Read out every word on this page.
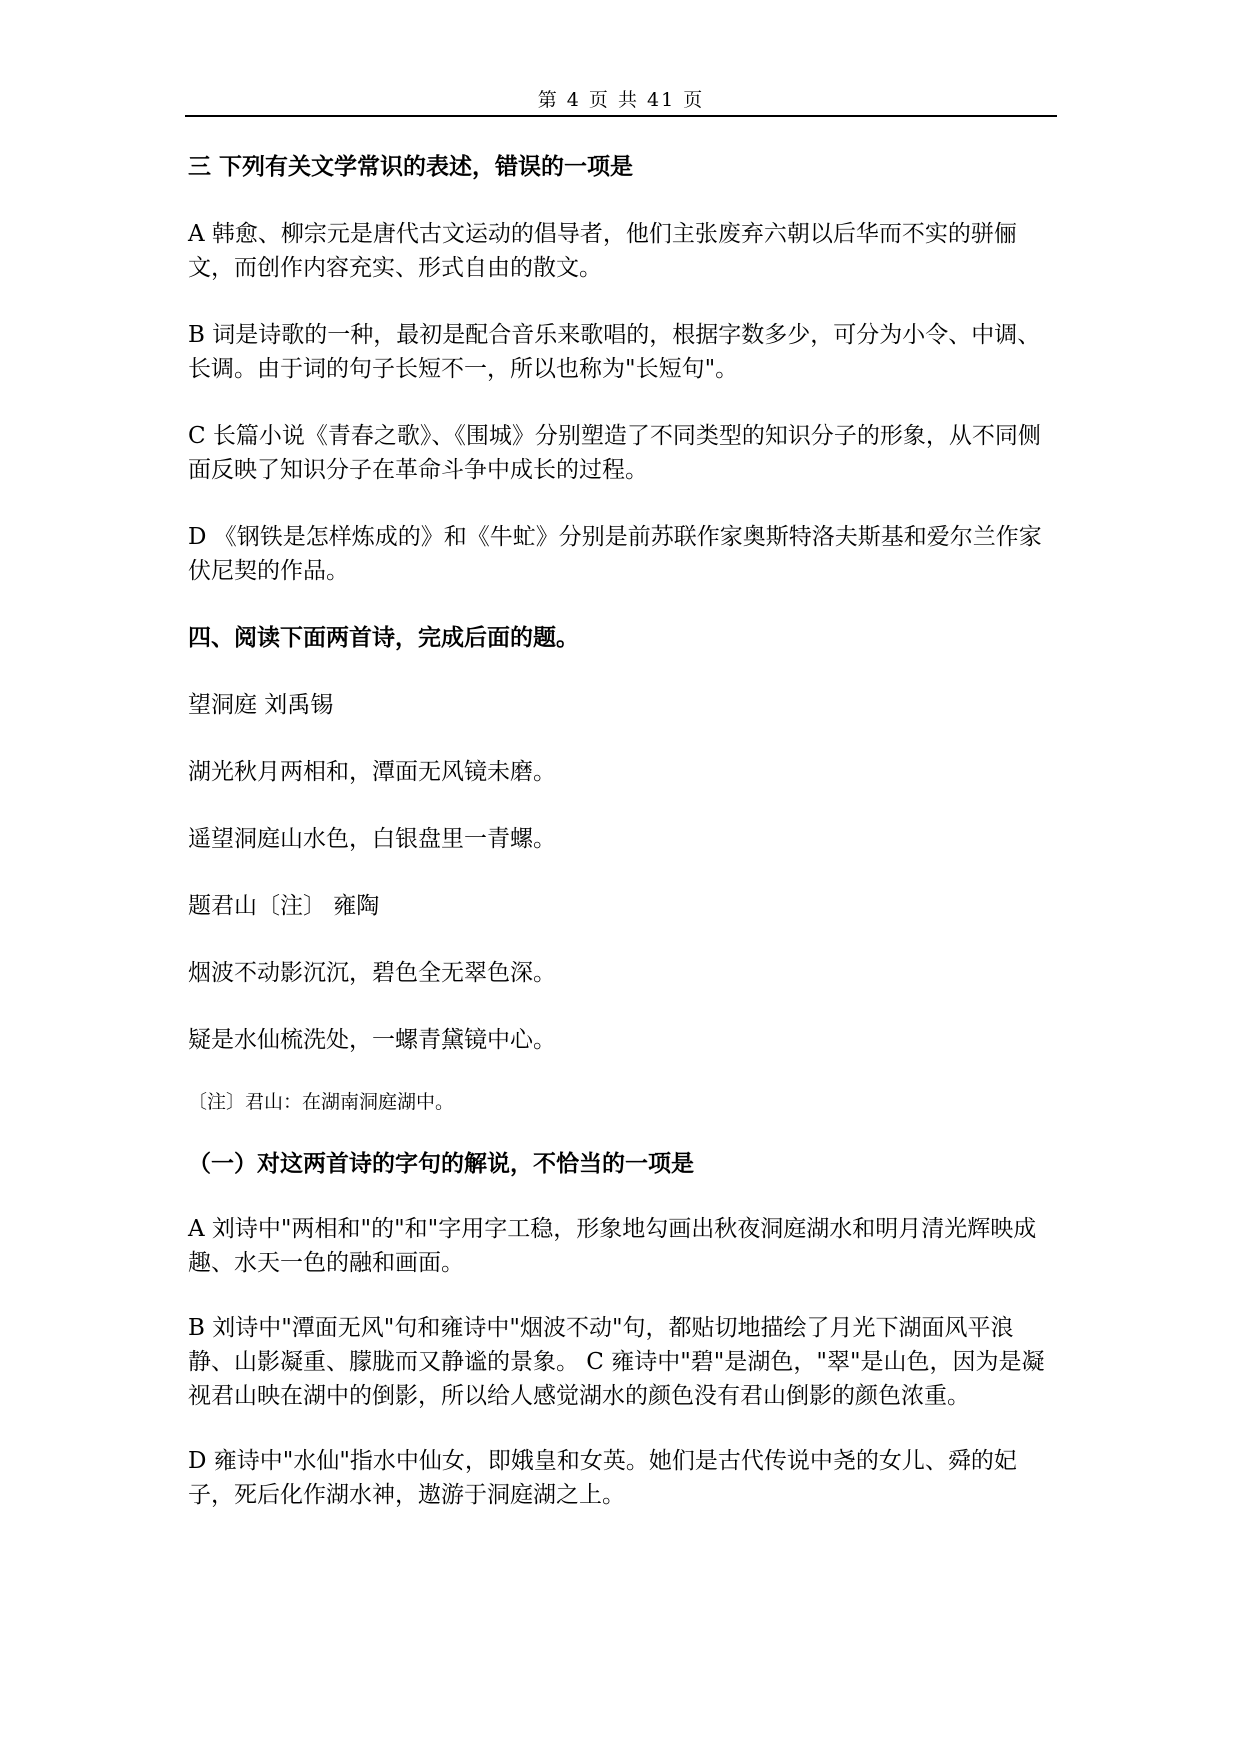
第 4 页 共 41 页

三 下列有关文学常识的表述，错误的一项是

A 韩愈、柳宗元是唐代古文运动的倡导者，他们主张废弃六朝以后华而不实的骈俪文，而创作内容充实、形式自由的散文。

B 词是诗歌的一种，最初是配合音乐来歌唱的，根据字数多少，可分为小令、中调、长调。由于词的句子长短不一，所以也称为"长短句"。

C 长篇小说《青春之歌》、《围城》分别塑造了不同类型的知识分子的形象，从不同侧面反映了知识分子在革命斗争中成长的过程。

D 《钢铁是怎样炼成的》和《牛虻》分别是前苏联作家奥斯特洛夫斯基和爱尔兰作家伏尼契的作品。

四、阅读下面两首诗，完成后面的题。

望洞庭 刘禹锡

湖光秋月两相和，潭面无风镜未磨。

遥望洞庭山水色，白银盘里一青螺。

题君山〔注〕 雍陶

烟波不动影沉沉，碧色全无翠色深。

疑是水仙梳洗处，一螺青黛镜中心。

〔注〕君山：在湖南洞庭湖中。

（一）对这两首诗的字句的解说，不恰当的一项是

A 刘诗中"两相和"的"和"字用字工稳，形象地勾画出秋夜洞庭湖水和明月清光辉映成趣、水天一色的融和画面。

B 刘诗中"潭面无风"句和雍诗中"烟波不动"句，都贴切地描绘了月光下湖面风平浪静、山影凝重、朦胧而又静谧的景象。 C 雍诗中"碧"是湖色，"翠"是山色，因为是凝视君山映在湖中的倒影，所以给人感觉湖水的颜色没有君山倒影的颜色浓重。

D 雍诗中"水仙"指水中仙女，即娥皇和女英。她们是古代传说中尧的女儿、舜的妃子，死后化作湖水神，遨游于洞庭湖之上。
